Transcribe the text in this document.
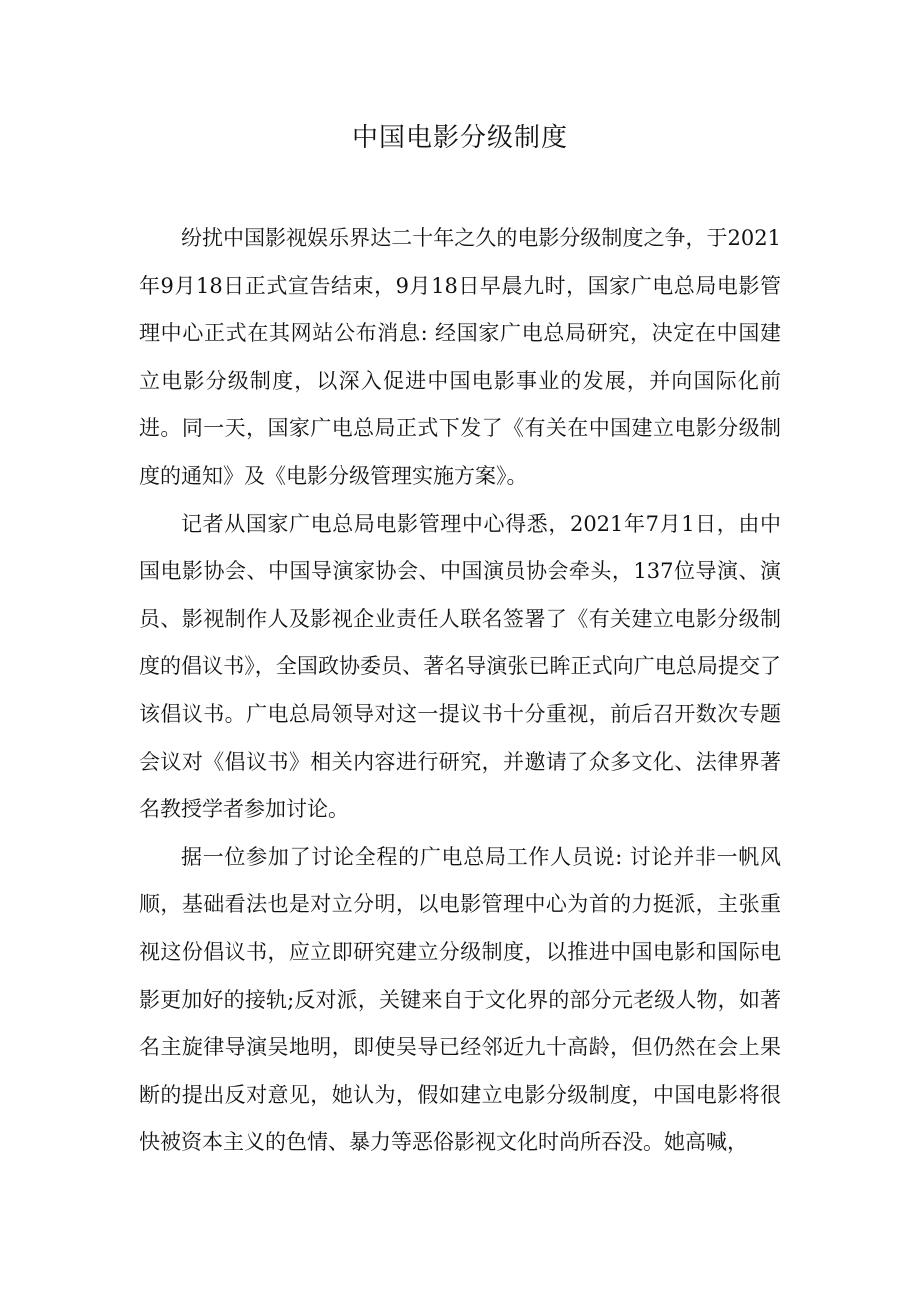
中国电影分级制度

纷扰中国影视娱乐界达二十年之久的电影分级制度之争，于2021年9月18日正式宣告结束，9月18日早晨九时，国家广电总局电影管理中心正式在其网站公布消息: 经国家广电总局研究，决定在中国建立电影分级制度，以深入促进中国电影事业的发展，并向国际化前进。同一天，国家广电总局正式下发了《有关在中国建立电影分级制度的通知》及《电影分级管理实施方案》。

记者从国家广电总局电影管理中心得悉，2021年7月1日，由中国电影协会、中国导演家协会、中国演员协会牵头，137位导演、演员、影视制作人及影视企业责任人联名签署了《有关建立电影分级制度的倡议书》，全国政协委员、著名导演张已眸正式向广电总局提交了该倡议书。广电总局领导对这一提议书十分重视，前后召开数次专题会议对《倡议书》相关内容进行研究，并邀请了众多文化、法律界著名教授学者参加讨论。

据一位参加了讨论全程的广电总局工作人员说: 讨论并非一帆风顺，基础看法也是对立分明，以电影管理中心为首的力挺派，主张重视这份倡议书，应立即研究建立分级制度，以推进中国电影和国际电影更加好的接轨;反对派，关键来自于文化界的部分元老级人物，如著名主旋律导演吴地明，即使吴导已经邻近九十高龄，但仍然在会上果断的提出反对意见，她认为，假如建立电影分级制度，中国电影将很快被资本主义的色情、暴力等恶俗影视文化时尚所吞没。她高喊，
